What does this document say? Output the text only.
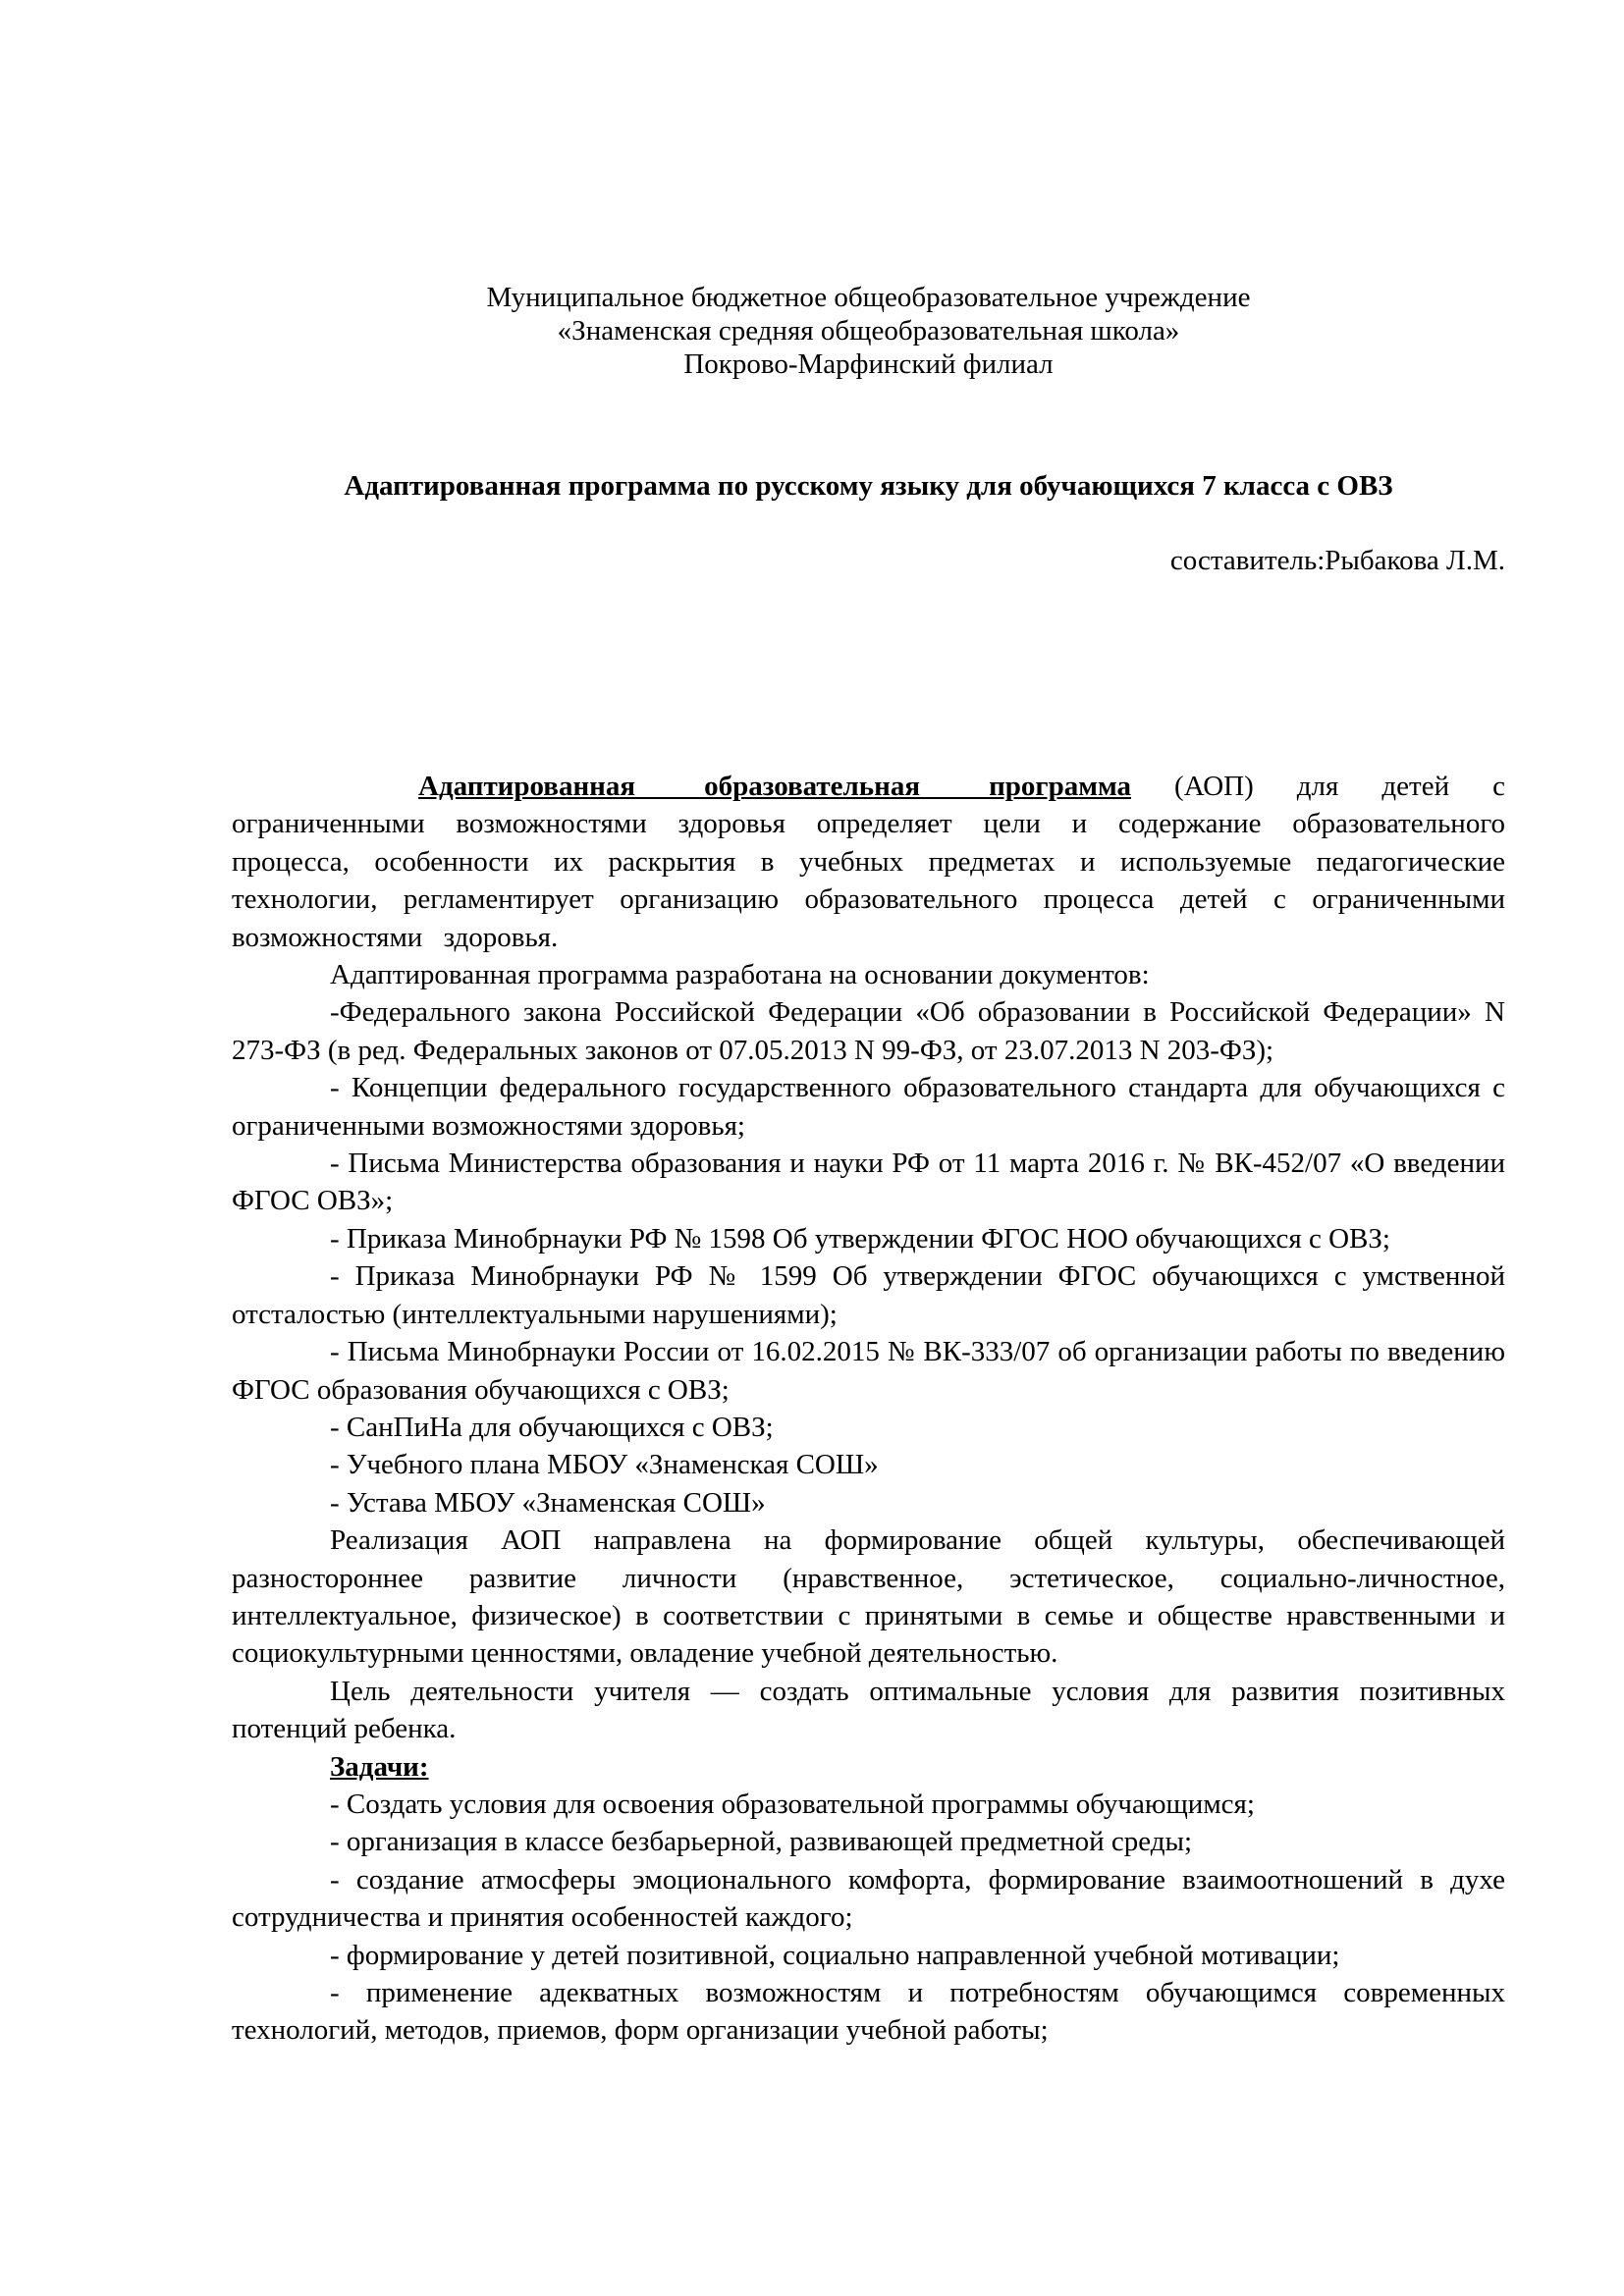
Муниципальное бюджетное общеобразовательное учреждение
«Знаменская средняя общеобразовательная школа»
Покрово-Марфинский филиал
Адаптированная программа по русскому языку для обучающихся 7 класса с ОВЗ
составитель:Рыбакова Л.М.

Адаптированная образовательная программа (АОП) для детей с ограниченными возможностями здоровья определяет цели и содержание образовательного процесса, особенности их раскрытия в учебных предметах и используемые педагогические технологии, регламентирует организацию образовательного процесса детей с ограниченными возможностями здоровья.

Адаптированная программа разработана на основании документов:

-Федерального закона Российской Федерации «Об образовании в Российской Федерации» N 273-ФЗ (в ред. Федеральных законов от 07.05.2013 N 99-ФЗ, от 23.07.2013 N 203-ФЗ);

- Концепции федерального государственного образовательного стандарта для обучающихся с ограниченными возможностями здоровья;

- Письма Министерства образования и науки РФ от 11 марта 2016 г. № ВК-452/07 «О введении ФГОС ОВЗ»;

- Приказа Минобрнауки РФ № 1598 Об утверждении ФГОС НОО обучающихся с ОВЗ;

- Приказа Минобрнауки РФ № 1599 Об утверждении ФГОС обучающихся с умственной отсталостью (интеллектуальными нарушениями);

- Письма Минобрнауки России от 16.02.2015 № ВК-333/07 об организации работы по введению ФГОС образования обучающихся с ОВЗ;

- СанПиНа для обучающихся с ОВЗ;

- Учебного плана МБОУ «Знаменская СОШ»

- Устава МБОУ «Знаменская СОШ»

Реализация АОП направлена на формирование общей культуры, обеспечивающей разностороннее развитие личности (нравственное, эстетическое, социально-личностное, интеллектуальное, физическое) в соответствии с принятыми в семье и обществе нравственными и социокультурными ценностями, овладение учебной деятельностью.

Цель деятельности учителя — создать оптимальные условия для развития позитивных потенций ребенка.

Задачи:

- Создать условия для освоения образовательной программы обучающимся;

- организация в классе безбарьерной, развивающей предметной среды;

- создание атмосферы эмоционального комфорта, формирование взаимоотношений в духе сотрудничества и принятия особенностей каждого;

- формирование у детей позитивной, социально направленной учебной мотивации;

- применение адекватных возможностям и потребностям обучающимся современных технологий, методов, приемов, форм организации учебной работы;
